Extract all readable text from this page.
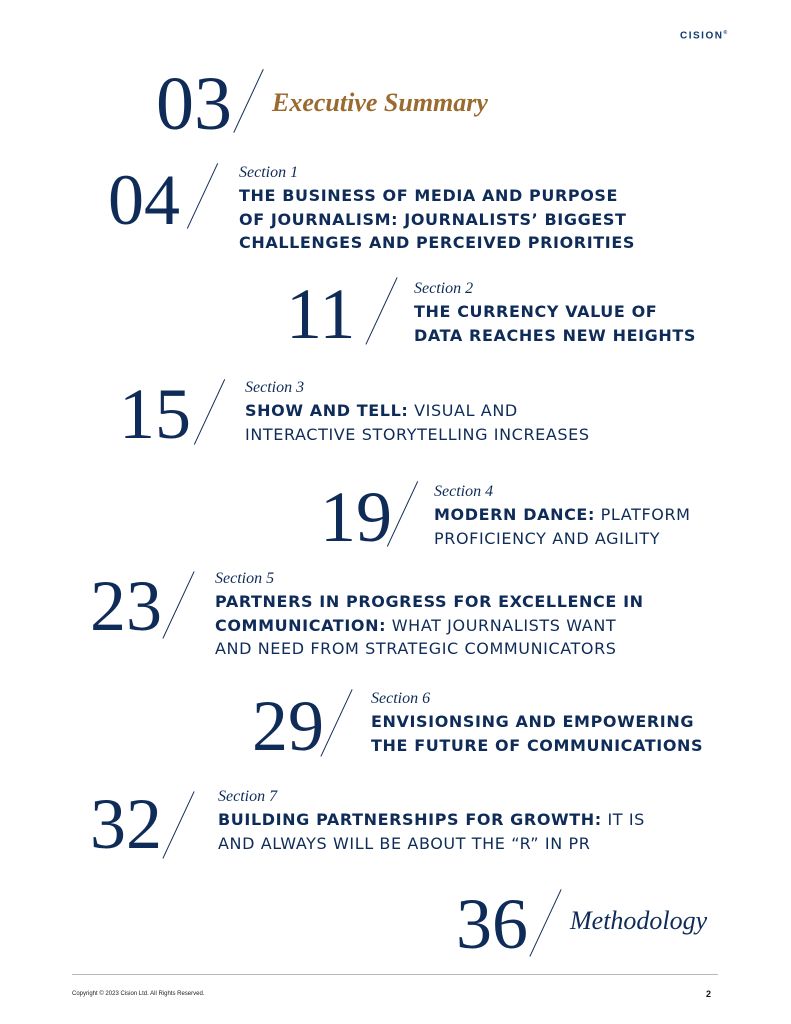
CISION®
03 Executive Summary
04	Section 1
THE BUSINESS OF MEDIA AND PURPOSE
OF JOURNALISM: JOURNALISTS’ BIGGEST
CHALLENGES AND PERCEIVED PRIORITIES
11	Section 2
THE CURRENCY VALUE OF
DATA REACHES NEW HEIGHTS
15	Section 3
SHOW AND TELL: VISUAL AND
INTERACTIVE STORYTELLING INCREASES
19	Section 4
MODERN DANCE: PLATFORM
PROFICIENCY AND AGILITY
23	Section 5
PARTNERS IN PROGRESS FOR EXCELLENCE IN
COMMUNICATION: WHAT JOURNALISTS WANT
AND NEED FROM STRATEGIC COMMUNICATORS
29	Section 6
ENVISIONSING AND EMPOWERING
THE FUTURE OF COMMUNICATIONS
32	Section 7
BUILDING PARTNERSHIPS FOR GROWTH: IT IS
AND ALWAYS WILL BE ABOUT THE “R” IN PR
36 Methodology
Copyright © 2023 Cision Ltd. All Rights Reserved.	2
